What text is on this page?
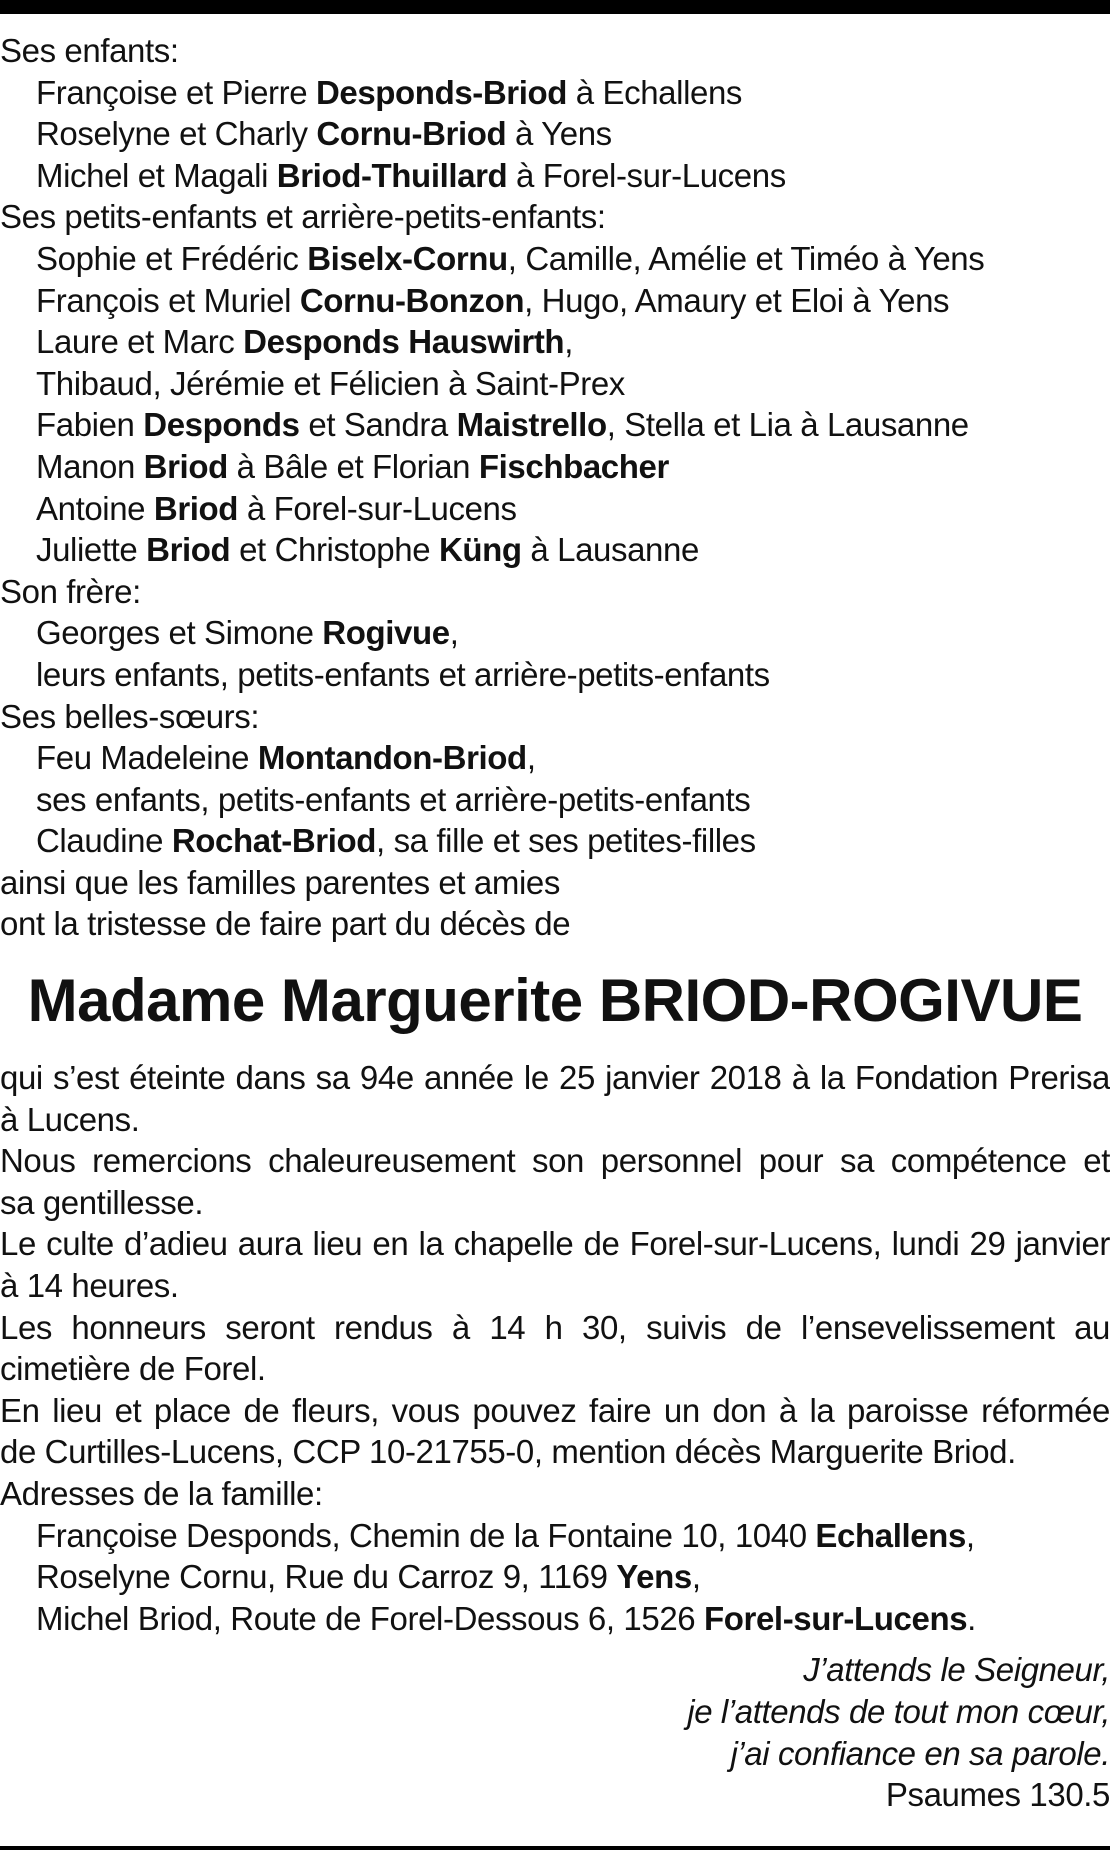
Ses enfants:
Françoise et Pierre Desponds-Briod à Echallens
Roselyne et Charly Cornu-Briod à Yens
Michel et Magali Briod-Thuillard à Forel-sur-Lucens
Ses petits-enfants et arrière-petits-enfants:
Sophie et Frédéric Biselx-Cornu, Camille, Amélie et Timéo à Yens
François et Muriel Cornu-Bonzon, Hugo, Amaury et Eloi à Yens
Laure et Marc Desponds Hauswirth,
Thibaud, Jérémie et Félicien à Saint-Prex
Fabien Desponds et Sandra Maistrello, Stella et Lia à Lausanne
Manon Briod à Bâle et Florian Fischbacher
Antoine Briod à Forel-sur-Lucens
Juliette Briod et Christophe Küng à Lausanne
Son frère:
Georges et Simone Rogivue,
leurs enfants, petits-enfants et arrière-petits-enfants
Ses belles-sœurs:
Feu Madeleine Montandon-Briod,
ses enfants, petits-enfants et arrière-petits-enfants
Claudine Rochat-Briod, sa fille et ses petites-filles
ainsi que les familles parentes et amies
ont la tristesse de faire part du décès de
Madame Marguerite BRIOD-ROGIVUE
qui s’est éteinte dans sa 94e année le 25 janvier 2018 à la Fondation Prerisa
à Lucens.
Nous remercions chaleureusement son personnel pour sa compétence et
sa gentillesse.
Le culte d’adieu aura lieu en la chapelle de Forel-sur-Lucens, lundi 29 janvier
à 14 heures.
Les honneurs seront rendus à 14 h 30, suivis de l’ensevelissement au
cimetière de Forel.
En lieu et place de fleurs, vous pouvez faire un don à la paroisse réformée
de Curtilles-Lucens, CCP 10-21755-0, mention décès Marguerite Briod.
Adresses de la famille:
Françoise Desponds, Chemin de la Fontaine 10, 1040 Echallens,
Roselyne Cornu, Rue du Carroz 9, 1169 Yens,
Michel Briod, Route de Forel-Dessous 6, 1526 Forel-sur-Lucens.
J’attends le Seigneur,
je l’attends de tout mon cœur,
j’ai confiance en sa parole.
Psaumes 130.5
